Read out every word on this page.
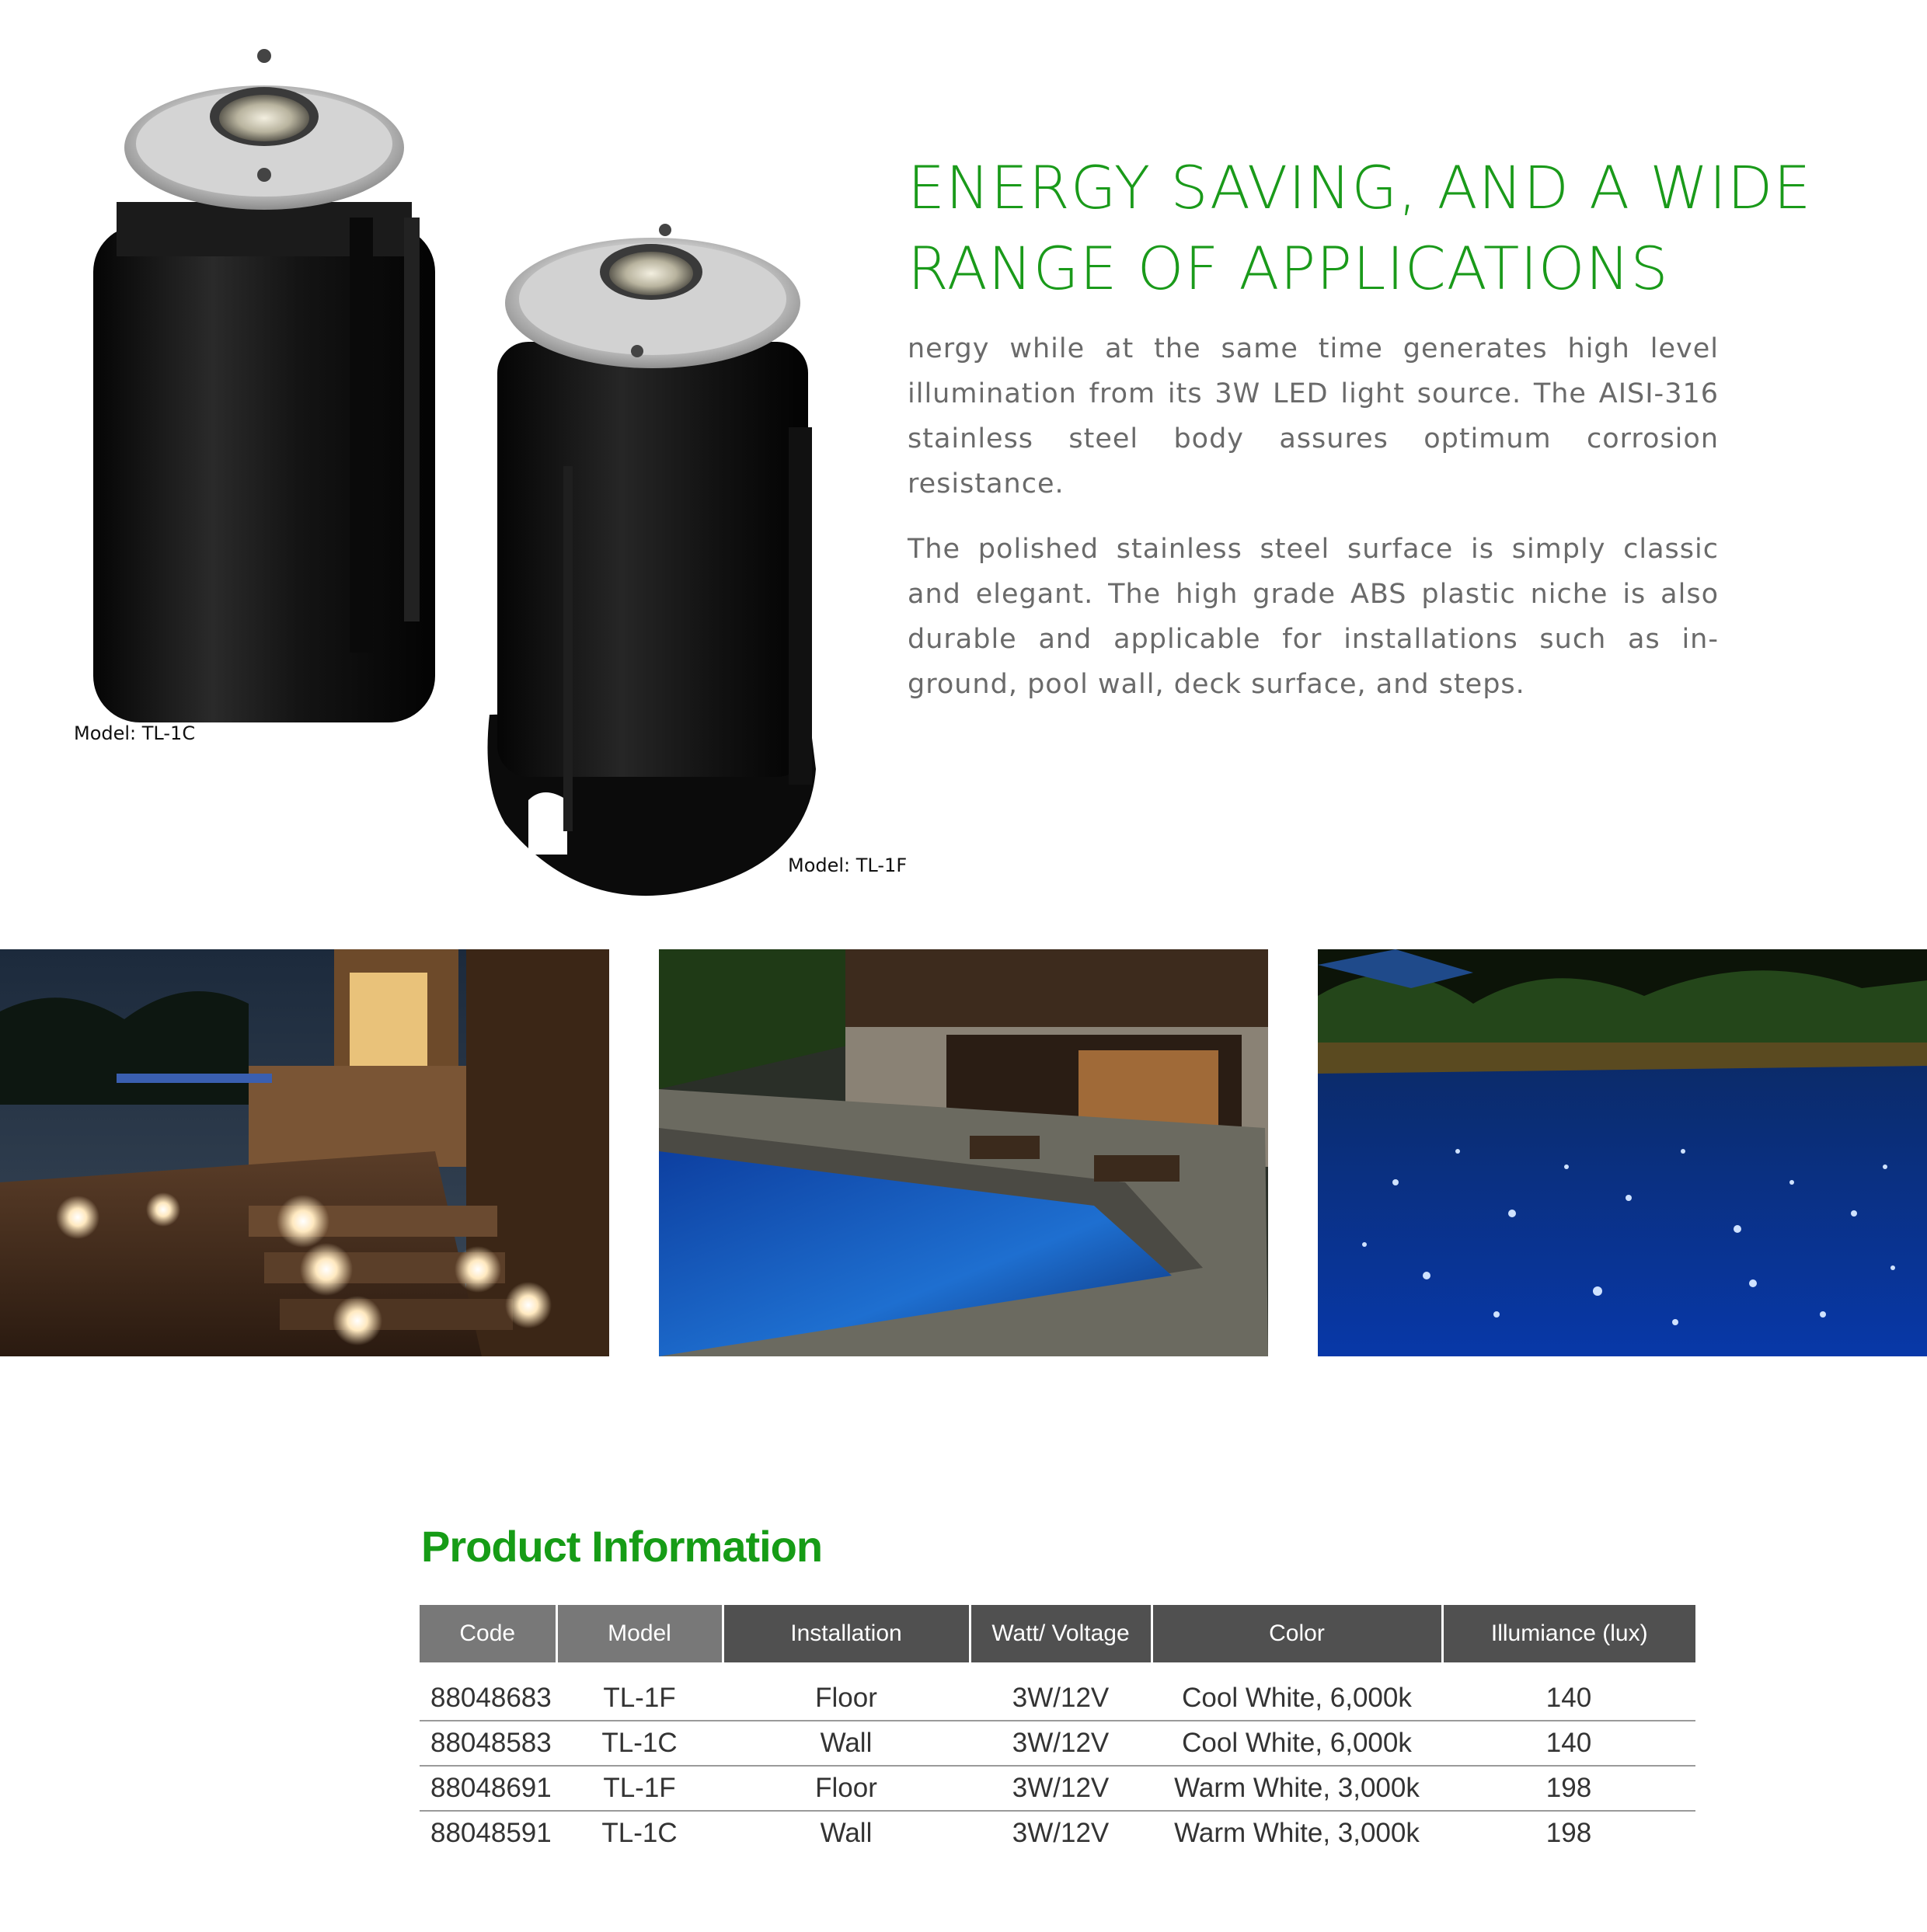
Model: TL-1C
Model: TL-1F
ENERGY SAVING, AND A WIDE
RANGE OF APPLICATIONS
nergy while at the same time generates high level illumination from its 3W LED light source. The AISI-316 stainless steel body assures optimum corrosion resistance.
The polished stainless steel surface is simply classic and elegant. The high grade ABS plastic niche is also durable and applicable for installations such as in-ground, pool wall, deck surface, and steps.
Product Information
Code	Model	Installation	Watt/ Voltage	Color	Illumiance (lux)

88048683	TL-1F	Floor	3W/12V	Cool White, 6,000k	140
88048583	TL-1C	Wall	3W/12V	Cool White, 6,000k	140
88048691	TL-1F	Floor	3W/12V	Warm White, 3,000k	198
88048591	TL-1C	Wall	3W/12V	Warm White, 3,000k	198
